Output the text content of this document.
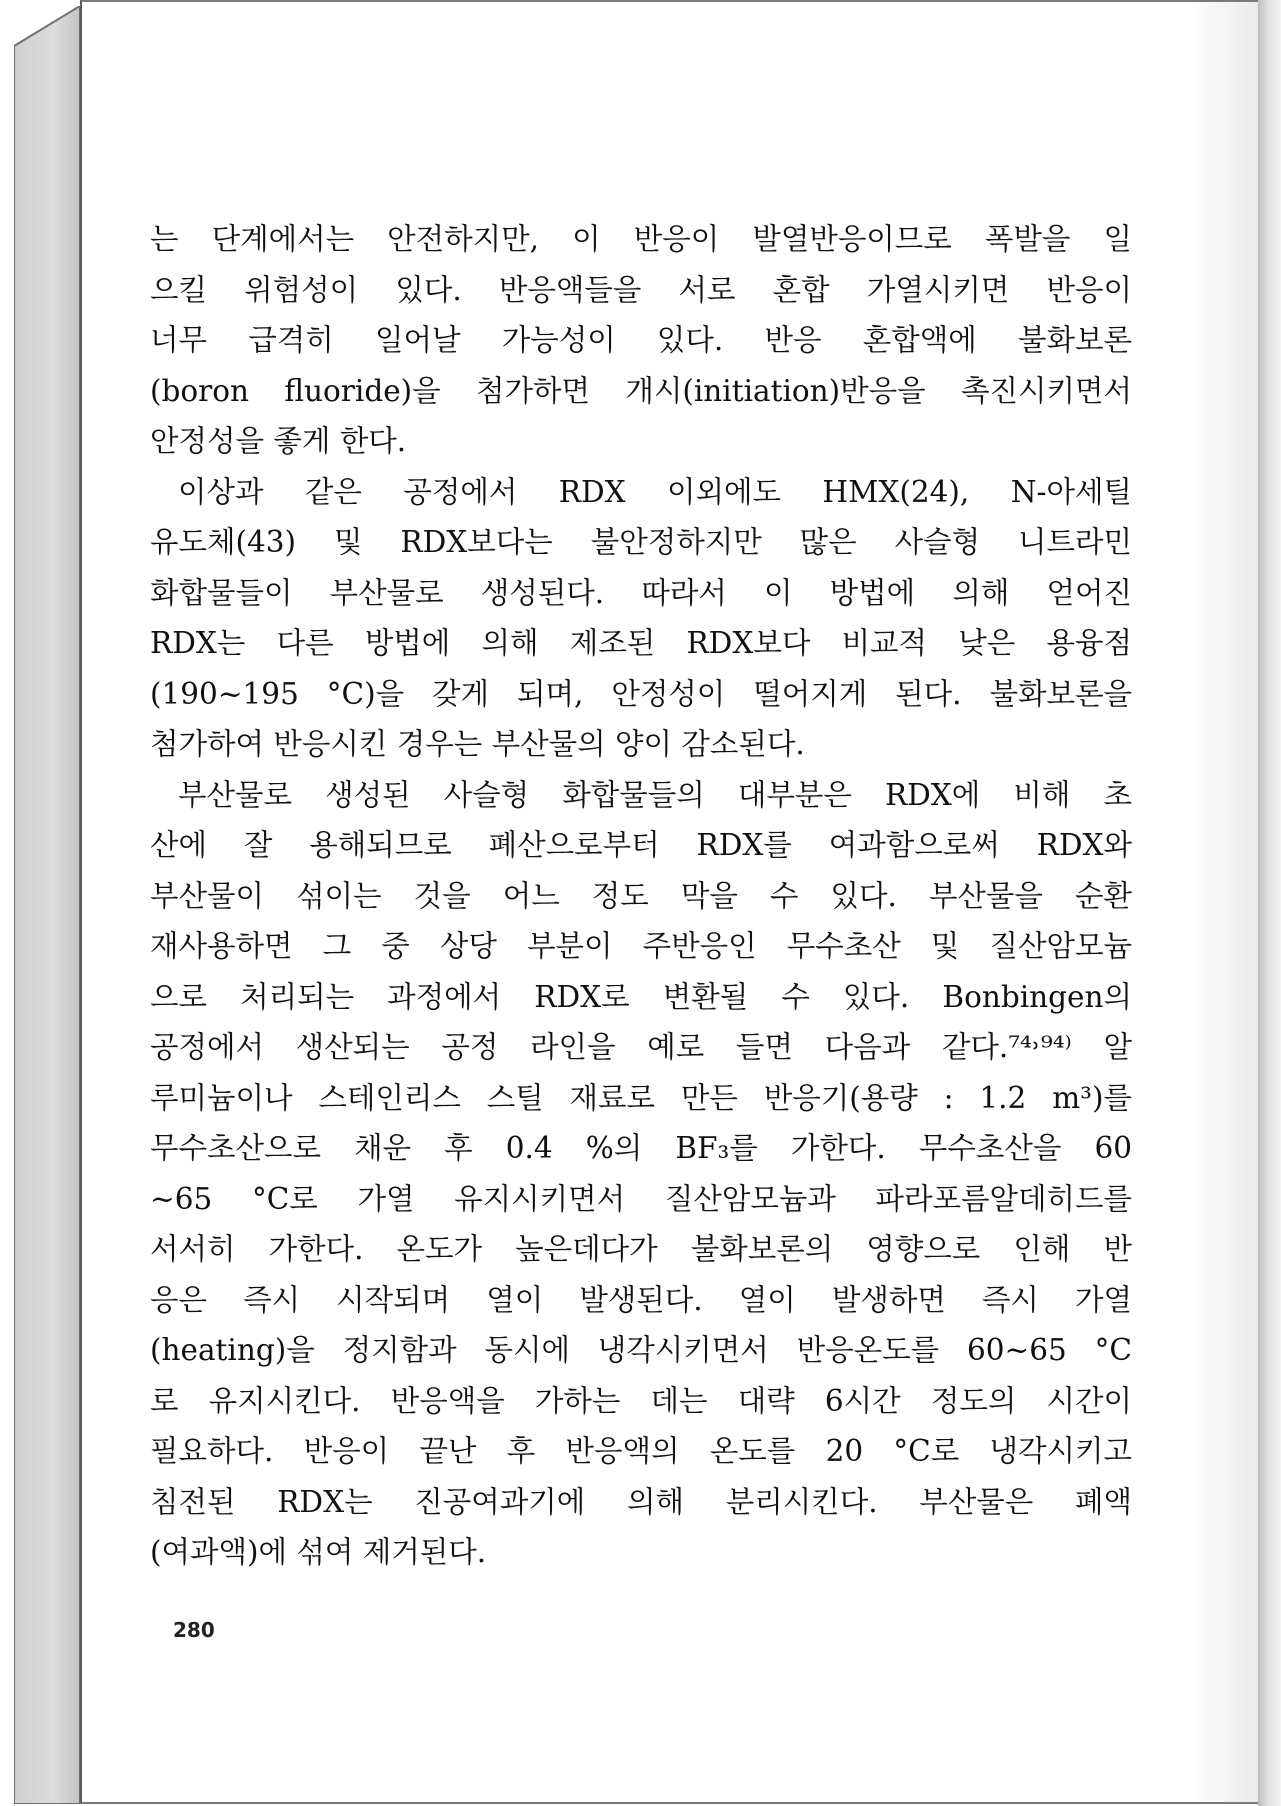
는 단계에서는 안전하지만, 이 반응이 발열반응이므로 폭발을 일
으킬 위험성이 있다. 반응액들을 서로 혼합 가열시키면 반응이
너무 급격히 일어날 가능성이 있다. 반응 혼합액에 불화보론
(boron fluoride)을 첨가하면 개시(initiation)반응을 촉진시키면서
안정성을 좋게 한다.
이상과 같은 공정에서 RDX 이외에도 HMX(24), N-아세틸
유도체(43) 및 RDX보다는 불안정하지만 많은 사슬형 니트라민
화합물들이 부산물로 생성된다. 따라서 이 방법에 의해 얻어진
RDX는 다른 방법에 의해 제조된 RDX보다 비교적 낮은 용융점
(190~195 °C)을 갖게 되며, 안정성이 떨어지게 된다. 불화보론을
첨가하여 반응시킨 경우는 부산물의 양이 감소된다.
부산물로 생성된 사슬형 화합물들의 대부분은 RDX에 비해 초
산에 잘 용해되므로 폐산으로부터 RDX를 여과함으로써 RDX와
부산물이 섞이는 것을 어느 정도 막을 수 있다. 부산물을 순환
재사용하면 그 중 상당 부분이 주반응인 무수초산 및 질산암모늄
으로 처리되는 과정에서 RDX로 변환될 수 있다. Bonbingen의
공정에서 생산되는 공정 라인을 예로 들면 다음과 같다.⁷⁴˒⁹⁴⁾ 알
루미늄이나 스테인리스 스틸 재료로 만든 반응기(용량 : 1.2 m³)를
무수초산으로 채운 후 0.4 %의 BF₃를 가한다. 무수초산을 60
~65 °C로 가열 유지시키면서 질산암모늄과 파라포름알데히드를
서서히 가한다. 온도가 높은데다가 불화보론의 영향으로 인해 반
응은 즉시 시작되며 열이 발생된다. 열이 발생하면 즉시 가열
(heating)을 정지함과 동시에 냉각시키면서 반응온도를 60~65 °C
로 유지시킨다. 반응액을 가하는 데는 대략 6시간 정도의 시간이
필요하다. 반응이 끝난 후 반응액의 온도를 20 °C로 냉각시키고
침전된 RDX는 진공여과기에 의해 분리시킨다. 부산물은 폐액
(여과액)에 섞여 제거된다.
280
